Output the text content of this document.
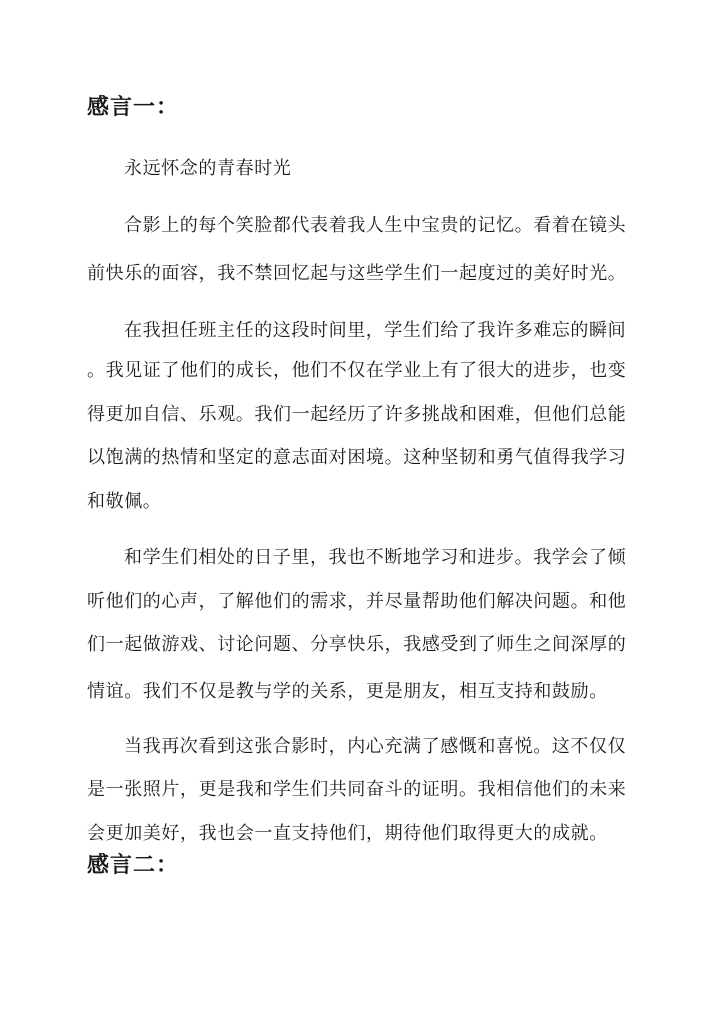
感言一：

永远怀念的青春时光

合影上的每个笑脸都代表着我人生中宝贵的记忆。看着在镜头

前快乐的面容，我不禁回忆起与这些学生们一起度过的美好时光。

在我担任班主任的这段时间里，学生们给了我许多难忘的瞬间

。我见证了他们的成长，他们不仅在学业上有了很大的进步，也变

得更加自信、乐观。我们一起经历了许多挑战和困难，但他们总能

以饱满的热情和坚定的意志面对困境。这种坚韧和勇气值得我学习

和敬佩。

和学生们相处的日子里，我也不断地学习和进步。我学会了倾

听他们的心声，了解他们的需求，并尽量帮助他们解决问题。和他

们一起做游戏、讨论问题、分享快乐，我感受到了师生之间深厚的

情谊。我们不仅是教与学的关系，更是朋友，相互支持和鼓励。

当我再次看到这张合影时，内心充满了感慨和喜悦。这不仅仅

是一张照片，更是我和学生们共同奋斗的证明。我相信他们的未来

会更加美好，我也会一直支持他们，期待他们取得更大的成就。

感言二：
